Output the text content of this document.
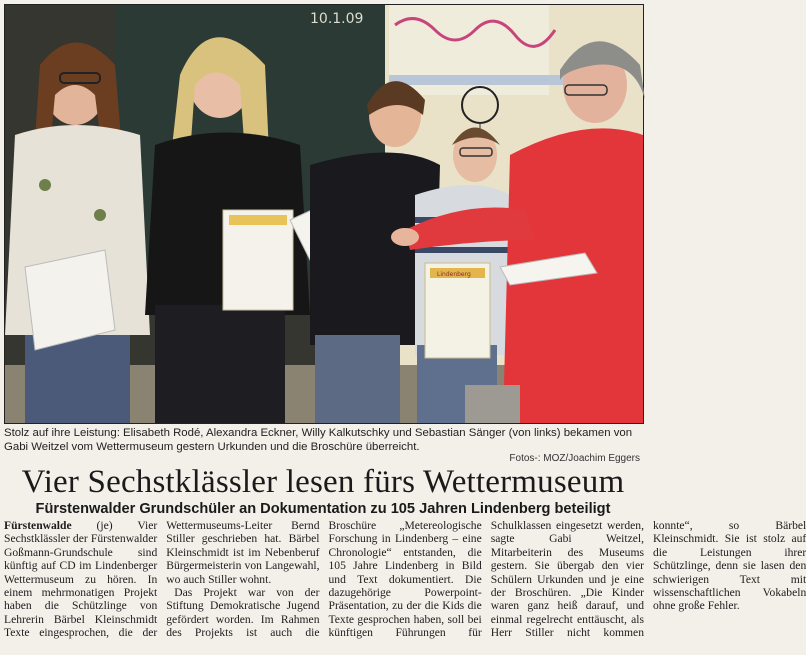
10.1.09
Lindenberg
Stolz auf ihre Leistung: Elisabeth Rodé, Alexandra Eckner, Willy Kalkutschky und Sebastian Sänger (von links) bekamen von Gabi Weitzel vom Wettermuseum gestern Urkunden und die Broschüre überreicht.
Fotos-: MOZ/Joachim Eggers
Vier Sechstklässler lesen fürs Wettermuseum
Fürstenwalder Grundschüler an Dokumentation zu 105 Jahren Lindenberg beteiligt

Fürstenwalde (je) Vier Sechstklässler der Fürstenwalder Goßmann-Grundschule sind künftig auf CD im Lindenberger Wettermuseum zu hören. In einem mehrmonatigen Projekt haben die Schützlinge von Lehrerin Bärbel Kleinschmidt Texte eingesprochen, die der Wettermuseums-Leiter Bernd Stiller geschrieben hat. Bärbel Kleinschmidt ist im Nebenberuf Bürgermeisterin von Langewahl, wo auch Stiller wohnt.

Das Projekt war von der Stiftung Demokratische Jugend gefördert worden. Im Rahmen des Projekts ist auch die Broschüre „Metereologische Forschung in Lindenberg – eine Chronologie“ entstanden, die 105 Jahre Lindenberg in Bild und Text dokumentiert. Die dazugehörige Powerpoint-Präsentation, zu der die Kids die Texte gesprochen haben, soll bei künftigen Führungen für Schulklassen eingesetzt werden, sagte Gabi Weitzel, Mitarbeiterin des Museums gestern. Sie übergab den vier Schülern Urkunden und je eine der Broschüren. „Die Kinder waren ganz heiß darauf, und einmal regelrecht enttäuscht, als Herr Stiller nicht kommen konnte“, so Bärbel Kleinschmidt. Sie ist stolz auf die Leistungen ihrer Schützlinge, denn sie lasen den schwierigen Text mit wissenschaftlichen Vokabeln ohne große Fehler.
